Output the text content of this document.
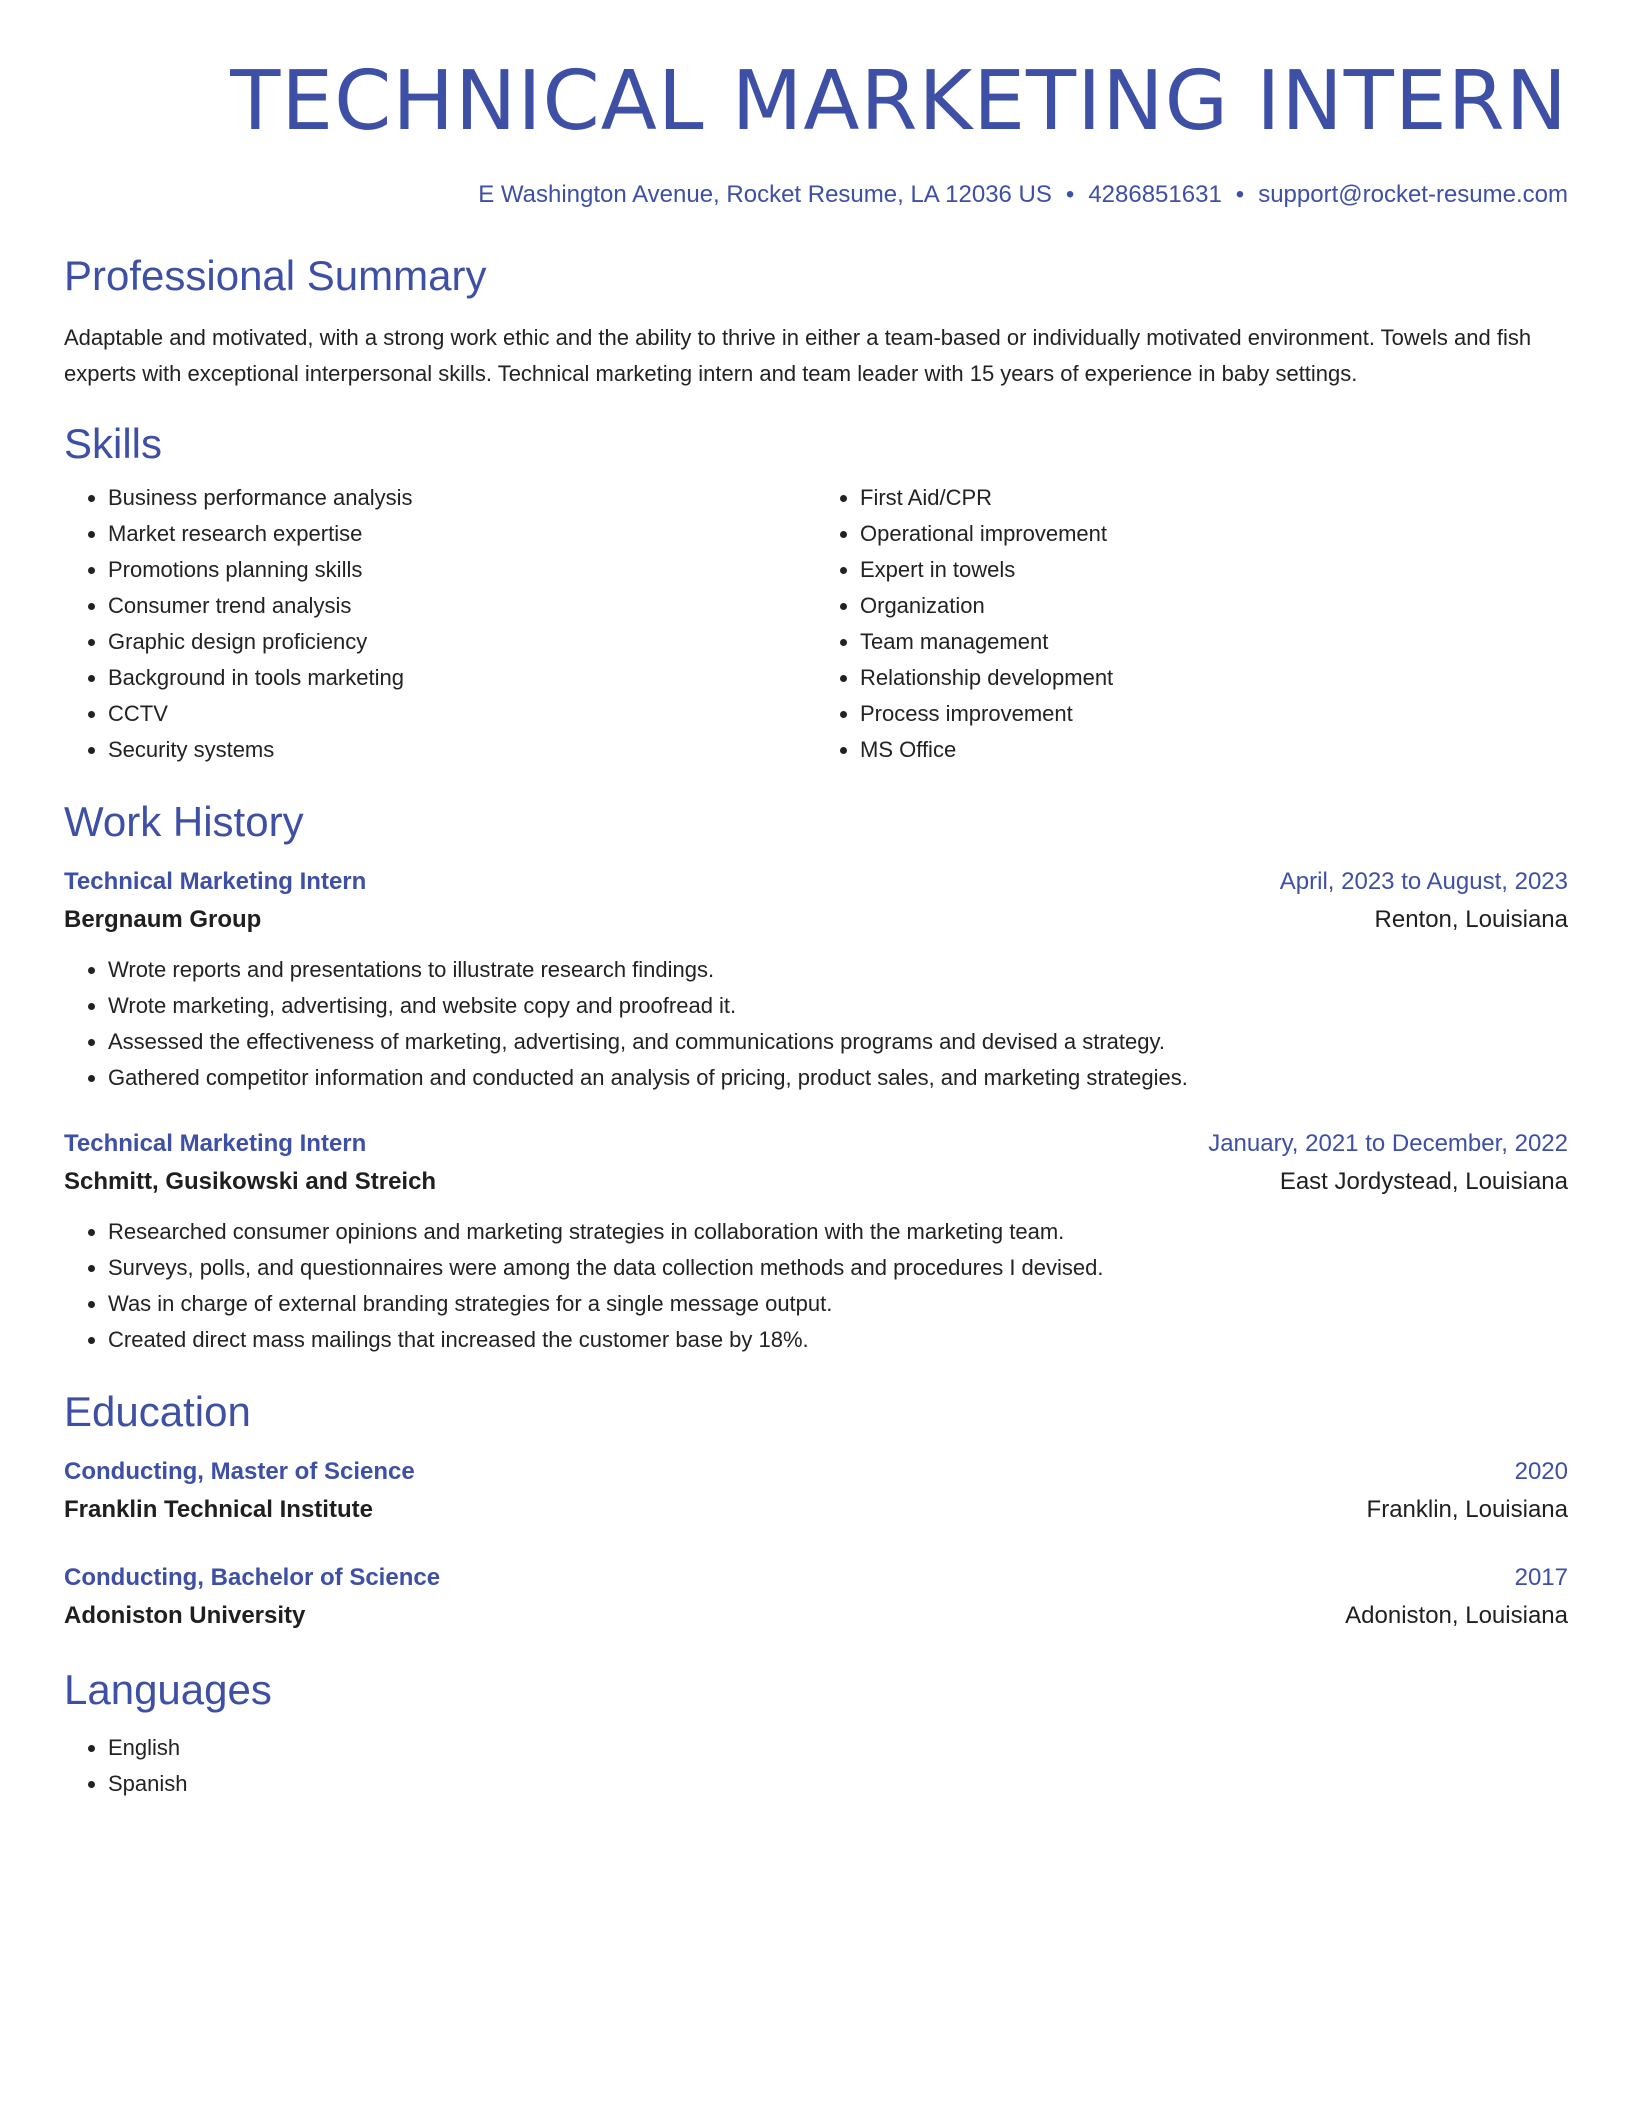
TECHNICAL MARKETING INTERN
E Washington Avenue, Rocket Resume, LA 12036 US • 4286851631 • support@rocket-resume.com
Professional Summary

Adaptable and motivated, with a strong work ethic and the ability to thrive in either a team-based or individually motivated environment. Towels and fish experts with exceptional interpersonal skills. Technical marketing intern and team leader with 15 years of experience in baby settings.

Skills
• Business performance analysis
• Market research expertise
• Promotions planning skills
• Consumer trend analysis
• Graphic design proficiency
• Background in tools marketing
• CCTV
• Security systems
• First Aid/CPR
• Operational improvement
• Expert in towels
• Organization
• Team management
• Relationship development
• Process improvement
• MS Office
Work History
Technical Marketing Intern	April, 2023 to August, 2023
Bergnaum Group	Renton, Louisiana
• Wrote reports and presentations to illustrate research findings.
• Wrote marketing, advertising, and website copy and proofread it.
• Assessed the effectiveness of marketing, advertising, and communications programs and devised a strategy.
• Gathered competitor information and conducted an analysis of pricing, product sales, and marketing strategies.
Technical Marketing Intern	January, 2021 to December, 2022
Schmitt, Gusikowski and Streich	East Jordystead, Louisiana
• Researched consumer opinions and marketing strategies in collaboration with the marketing team.
• Surveys, polls, and questionnaires were among the data collection methods and procedures I devised.
• Was in charge of external branding strategies for a single message output.
• Created direct mass mailings that increased the customer base by 18%.
Education
Conducting, Master of Science	2020
Franklin Technical Institute	Franklin, Louisiana
Conducting, Bachelor of Science	2017
Adoniston University	Adoniston, Louisiana
Languages
• English
• Spanish
